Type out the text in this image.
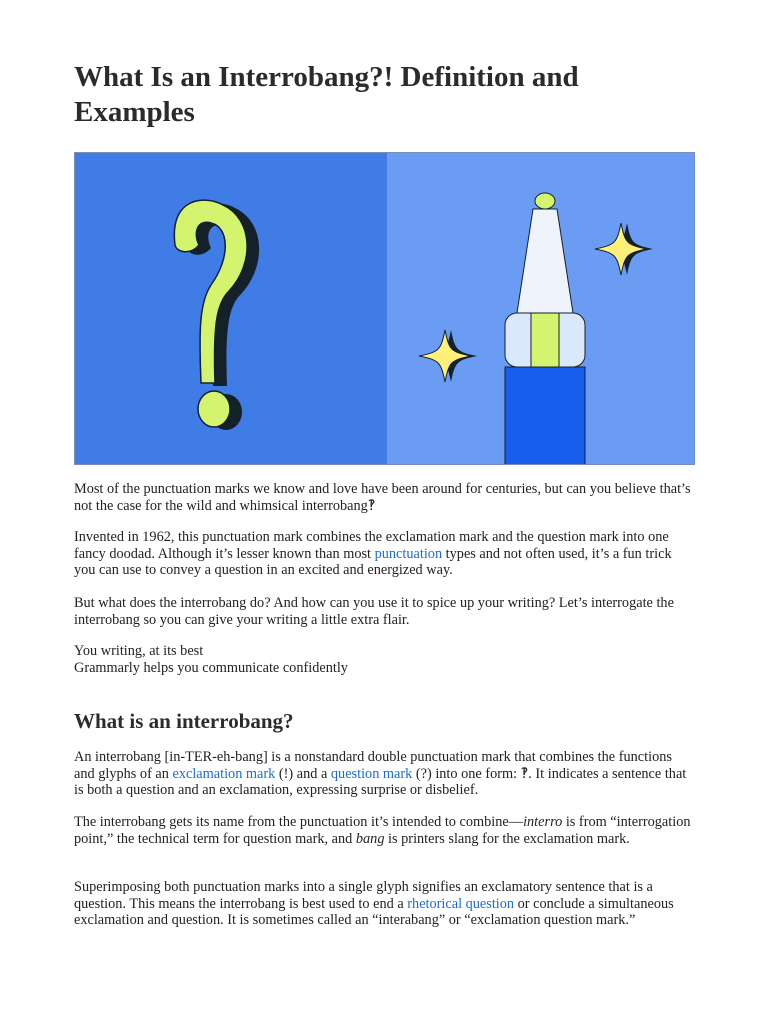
What Is an Interrobang?! Definition and Examples

Most of the punctuation marks we know and love have been around for centuries, but can you believe that’s not the case for the wild and whimsical interrobang‽

Invented in 1962, this punctuation mark combines the exclamation mark and the question mark into one fancy doodad. Although it’s lesser known than most punctuation types and not often used, it’s a fun trick you can use to convey a question in an excited and energized way.

But what does the interrobang do? And how can you use it to spice up your writing? Let’s interrogate the interrobang so you can give your writing a little extra flair.

You writing, at its best
Grammarly helps you communicate confidently

What is an interrobang?

An interrobang [in-TER-eh-bang] is a nonstandard double punctuation mark that combines the functions and glyphs of an exclamation mark (!) and a question mark (?) into one form: ‽. It indicates a sentence that is both a question and an exclamation, expressing surprise or disbelief.

The interrobang gets its name from the punctuation it’s intended to combine—interro is from “interrogation point,” the technical term for question mark, and bang is printers slang for the exclamation mark.

Superimposing both punctuation marks into a single glyph signifies an exclamatory sentence that is a question. This means the interrobang is best used to end a rhetorical question or conclude a simultaneous exclamation and question. It is sometimes called an “interabang” or “exclamation question mark.”
